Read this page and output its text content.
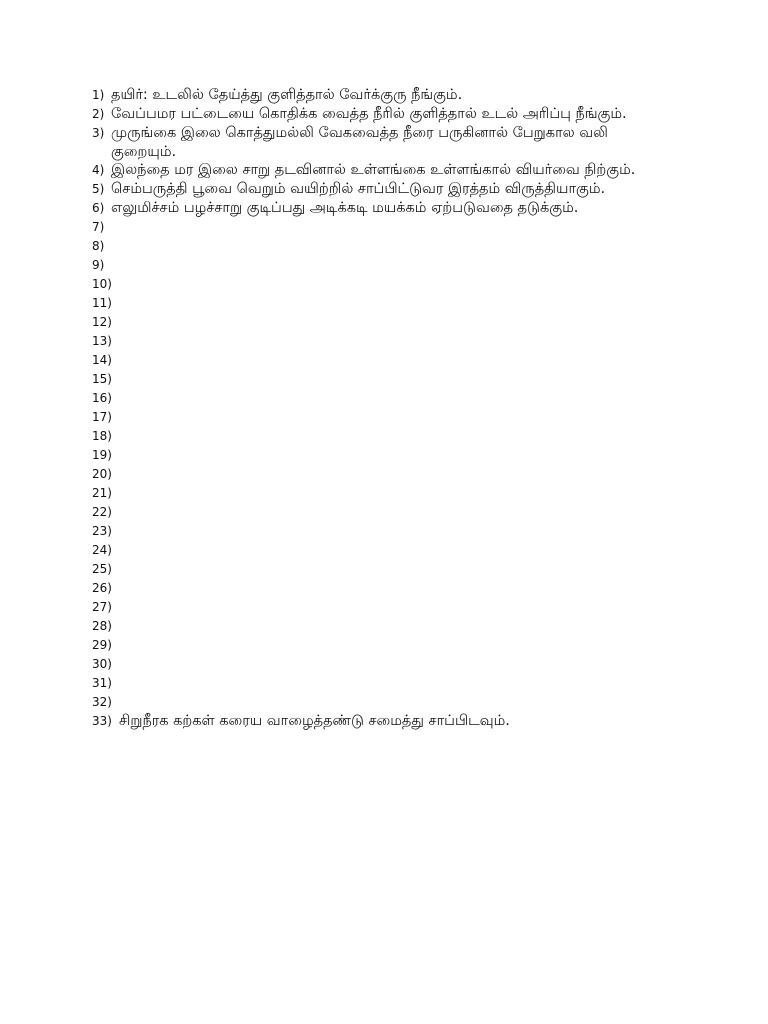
1) தயிர்: உடலில் தேய்த்து குளித்தால் வேர்க்குரு நீங்கும்.
2) வேப்பமர பட்டையை கொதிக்க வைத்த நீரில் குளித்தால் உடல் அரிப்பு நீங்கும்.
3) முருங்கை இலை கொத்துமல்லி வேகவைத்த நீரை பருகினால் பேறுகால வலி குறையும்.
4) இலந்தை மர இலை சாறு தடவினால் உள்ளங்கை உள்ளங்கால் வியர்வை நிற்கும்.
5) செம்பருத்தி பூவை வெறும் வயிற்றில் சாப்பிட்டுவர இரத்தம் விருத்தியாகும்.
6) எலுமிச்சம் பழச்சாறு குடிப்பது அடிக்கடி மயக்கம் ஏற்படுவதை தடுக்கும்.
7)
8)
9)
10)
11)
12)
13)
14)
15)
16)
17)
18)
19)
20)
21)
22)
23)
24)
25)
26)
27)
28)
29)
30)
31)
32)
33) சிறுநீரக கற்கள் கரைய வாழைத்தண்டு சமைத்து சாப்பிடவும்.
